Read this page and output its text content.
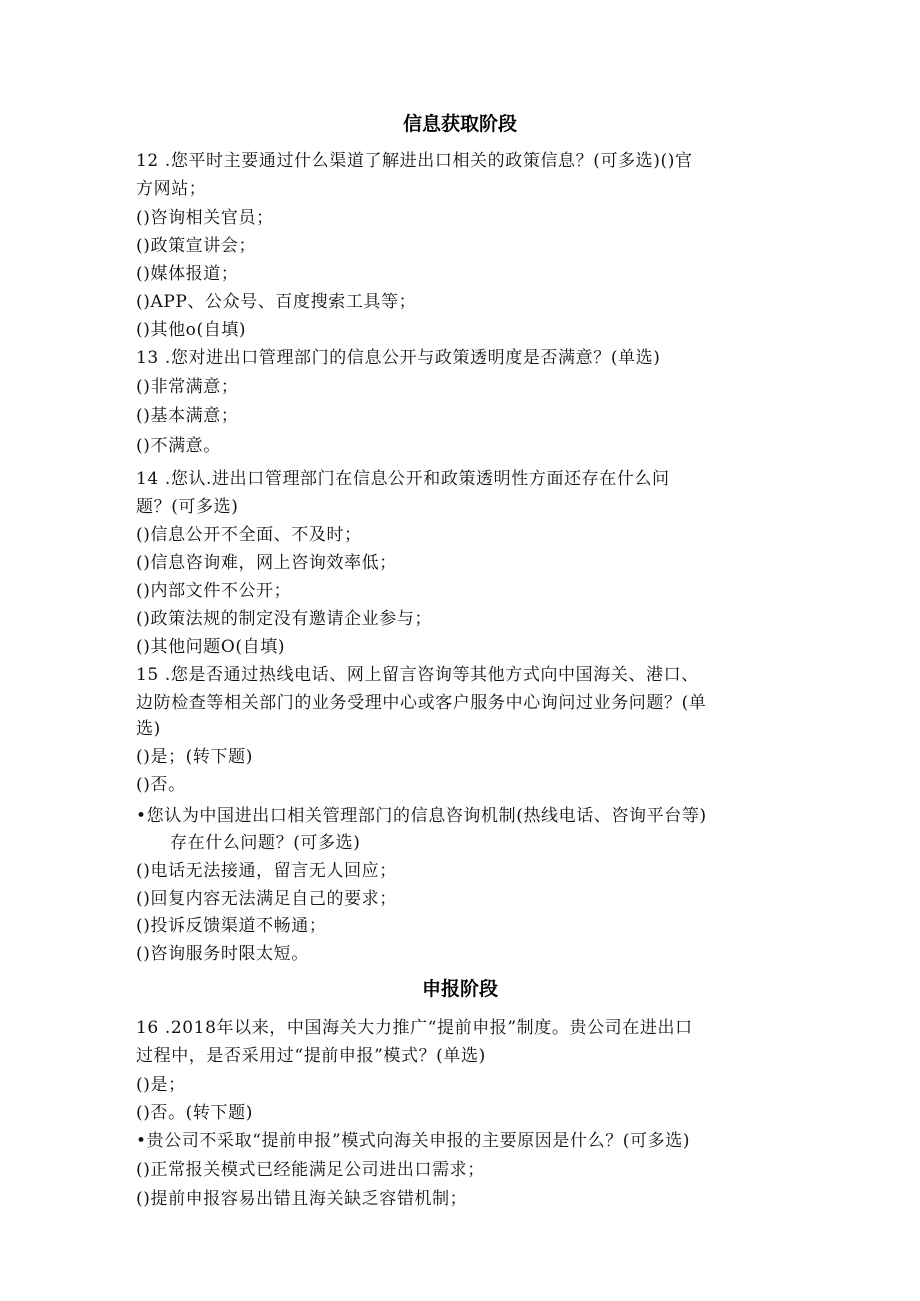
信息获取阶段
12 .您平时主要通过什么渠道了解进出口相关的政策信息？(可多选)()官
方网站；
()咨询相关官员；
()政策宣讲会；
()媒体报道；
()APP、公众号、百度搜索工具等；
()其他o(自填)
13 .您对进出口管理部门的信息公开与政策透明度是否满意？(单选)
()非常满意；
()基本满意；
()不满意。
14 .您认.进出口管理部门在信息公开和政策透明性方面还存在什么问
题？(可多选)
()信息公开不全面、不及时；
()信息咨询难，网上咨询效率低；
()内部文件不公开；
()政策法规的制定没有邀请企业参与；
()其他问题O(自填)
15 .您是否通过热线电话、网上留言咨询等其他方式向中国海关、港口、
边防检查等相关部门的业务受理中心或客户服务中心询问过业务问题？(单
选)
()是；(转下题)
()否。
•您认为中国进出口相关管理部门的信息咨询机制(热线电话、咨询平台等)
存在什么问题？(可多选)
()电话无法接通，留言无人回应；
()回复内容无法满足自己的要求；
()投诉反馈渠道不畅通；
()咨询服务时限太短。
申报阶段
16 .2018年以来，中国海关大力推广“提前申报”制度。贵公司在进出口
过程中，是否采用过“提前申报”模式？(单选)
()是；
()否。(转下题)
•贵公司不采取“提前申报”模式向海关申报的主要原因是什么？(可多选)
()正常报关模式已经能满足公司进出口需求；
()提前申报容易出错且海关缺乏容错机制；
